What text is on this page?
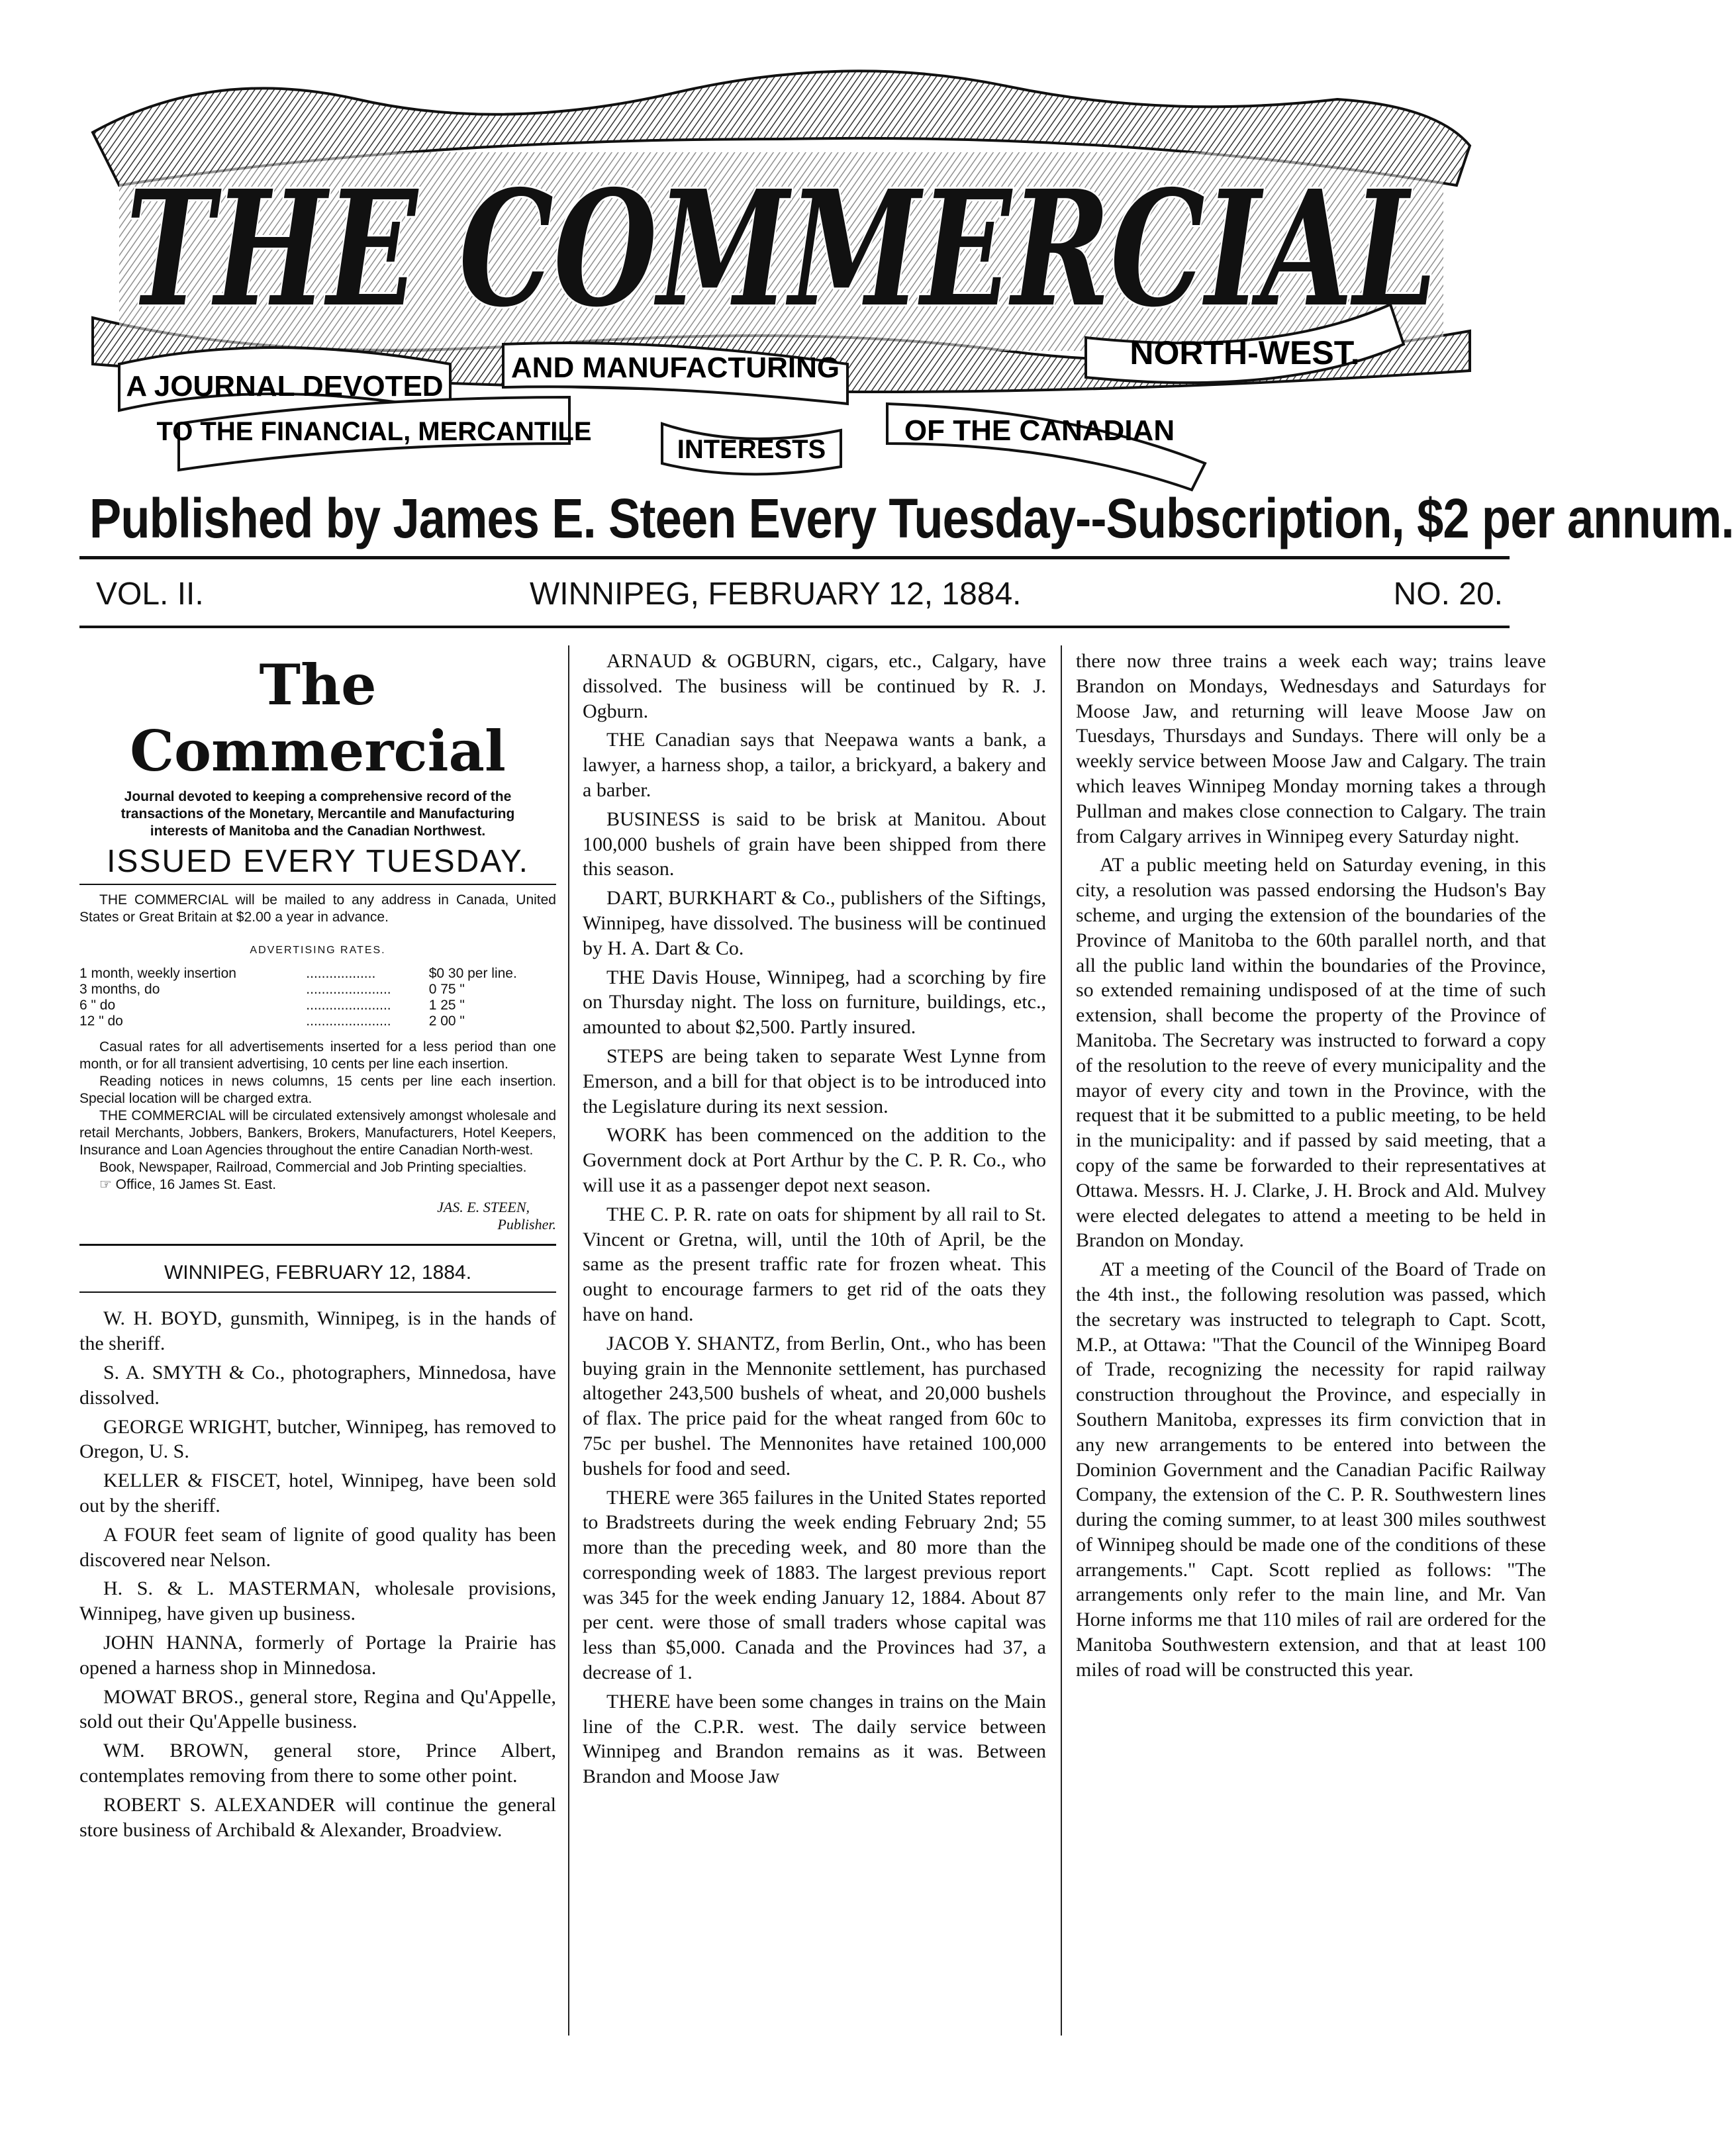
THE COMMERCIAL
A JOURNAL DEVOTED
TO THE FINANCIAL, MERCANTILE
AND MANUFACTURING
INTERESTS
OF THE CANADIAN
NORTH-WEST.
Published by James E. Steen Every Tuesday--Subscription, $2 per annum.
VOL. II.	WINNIPEG, FEBRUARY 12, 1884.	NO. 20.
The Commercial
Journal devoted to keeping a comprehensive record of the transactions of the Monetary, Mercantile and Manufacturing interests of Manitoba and the Canadian Northwest.
ISSUED EVERY TUESDAY.
THE COMMERCIAL will be mailed to any address in Canada, United States or Great Britain at $2.00 a year in advance.
ADVERTISING RATES.
1 month, weekly insertion	..................	$0 30 per line.
3 months, do	......................	0 75 "
6 " do	......................	1 25 "
12 " do	......................	2 00 "
Casual rates for all advertisements inserted for a less period than one month, or for all transient advertising, 10 cents per line each insertion.
Reading notices in news columns, 15 cents per line each insertion. Special location will be charged extra.
THE COMMERCIAL will be circulated extensively amongst wholesale and retail Merchants, Jobbers, Bankers, Brokers, Manufacturers, Hotel Keepers, Insurance and Loan Agencies throughout the entire Canadian North-west.
Book, Newspaper, Railroad, Commercial and Job Printing specialties.
☞ Office, 16 James St. East.
JAS. E. STEEN,
Publisher.
WINNIPEG, FEBRUARY 12, 1884.

W. H. BOYD, gunsmith, Winnipeg, is in the hands of the sheriff.

S. A. SMYTH & Co., photographers, Minnedosa, have dissolved.

GEORGE WRIGHT, butcher, Winnipeg, has removed to Oregon, U. S.

KELLER & FISCET, hotel, Winnipeg, have been sold out by the sheriff.

A FOUR feet seam of lignite of good quality has been discovered near Nelson.

H. S. & L. MASTERMAN, wholesale provisions, Winnipeg, have given up business.

JOHN HANNA, formerly of Portage la Prairie has opened a harness shop in Minnedosa.

MOWAT BROS., general store, Regina and Qu'Appelle, sold out their Qu'Appelle business.

WM. BROWN, general store, Prince Albert, contemplates removing from there to some other point.

ROBERT S. ALEXANDER will continue the general store business of Archibald & Alexander, Broadview.

ARNAUD & OGBURN, cigars, etc., Calgary, have dissolved. The business will be continued by R. J. Ogburn.

THE Canadian says that Neepawa wants a bank, a lawyer, a harness shop, a tailor, a brickyard, a bakery and a barber.

BUSINESS is said to be brisk at Manitou. About 100,000 bushels of grain have been shipped from there this season.

DART, BURKHART & Co., publishers of the Siftings, Winnipeg, have dissolved. The business will be continued by H. A. Dart & Co.

THE Davis House, Winnipeg, had a scorching by fire on Thursday night. The loss on furniture, buildings, etc., amounted to about $2,500. Partly insured.

STEPS are being taken to separate West Lynne from Emerson, and a bill for that object is to be introduced into the Legislature during its next session.

WORK has been commenced on the addition to the Government dock at Port Arthur by the C. P. R. Co., who will use it as a passenger depot next season.

THE C. P. R. rate on oats for shipment by all rail to St. Vincent or Gretna, will, until the 10th of April, be the same as the present traffic rate for frozen wheat. This ought to encourage farmers to get rid of the oats they have on hand.

JACOB Y. SHANTZ, from Berlin, Ont., who has been buying grain in the Mennonite settlement, has purchased altogether 243,500 bushels of wheat, and 20,000 bushels of flax. The price paid for the wheat ranged from 60c to 75c per bushel. The Mennonites have retained 100,000 bushels for food and seed.

THERE were 365 failures in the United States reported to Bradstreets during the week ending February 2nd; 55 more than the preceding week, and 80 more than the corresponding week of 1883. The largest previous report was 345 for the week ending January 12, 1884. About 87 per cent. were those of small traders whose capital was less than $5,000. Canada and the Provinces had 37, a decrease of 1.

THERE have been some changes in trains on the Main line of the C.P.R. west. The daily service between Winnipeg and Brandon remains as it was. Between Brandon and Moose Jaw

there now three trains a week each way; trains leave Brandon on Mondays, Wednesdays and Saturdays for Moose Jaw, and returning will leave Moose Jaw on Tuesdays, Thursdays and Sundays. There will only be a weekly service between Moose Jaw and Calgary. The train which leaves Winnipeg Monday morning takes a through Pullman and makes close connection to Calgary. The train from Calgary arrives in Winnipeg every Saturday night.

AT a public meeting held on Saturday evening, in this city, a resolution was passed endorsing the Hudson's Bay scheme, and urging the extension of the boundaries of the Province of Manitoba to the 60th parallel north, and that all the public land within the boundaries of the Province, so extended remaining undisposed of at the time of such extension, shall become the property of the Province of Manitoba. The Secretary was instructed to forward a copy of the resolution to the reeve of every municipality and the mayor of every city and town in the Province, with the request that it be submitted to a public meeting, to be held in the municipality: and if passed by said meeting, that a copy of the same be forwarded to their representatives at Ottawa. Messrs. H. J. Clarke, J. H. Brock and Ald. Mulvey were elected delegates to attend a meeting to be held in Brandon on Monday.

AT a meeting of the Council of the Board of Trade on the 4th inst., the following resolution was passed, which the secretary was instructed to telegraph to Capt. Scott, M.P., at Ottawa: "That the Council of the Winnipeg Board of Trade, recognizing the necessity for rapid railway construction throughout the Province, and especially in Southern Manitoba, expresses its firm conviction that in any new arrangements to be entered into between the Dominion Government and the Canadian Pacific Railway Company, the extension of the C. P. R. Southwestern lines during the coming summer, to at least 300 miles southwest of Winnipeg should be made one of the conditions of these arrangements." Capt. Scott replied as follows: "The arrangements only refer to the main line, and Mr. Van Horne informs me that 110 miles of rail are ordered for the Manitoba Southwestern extension, and that at least 100 miles of road will be constructed this year.
